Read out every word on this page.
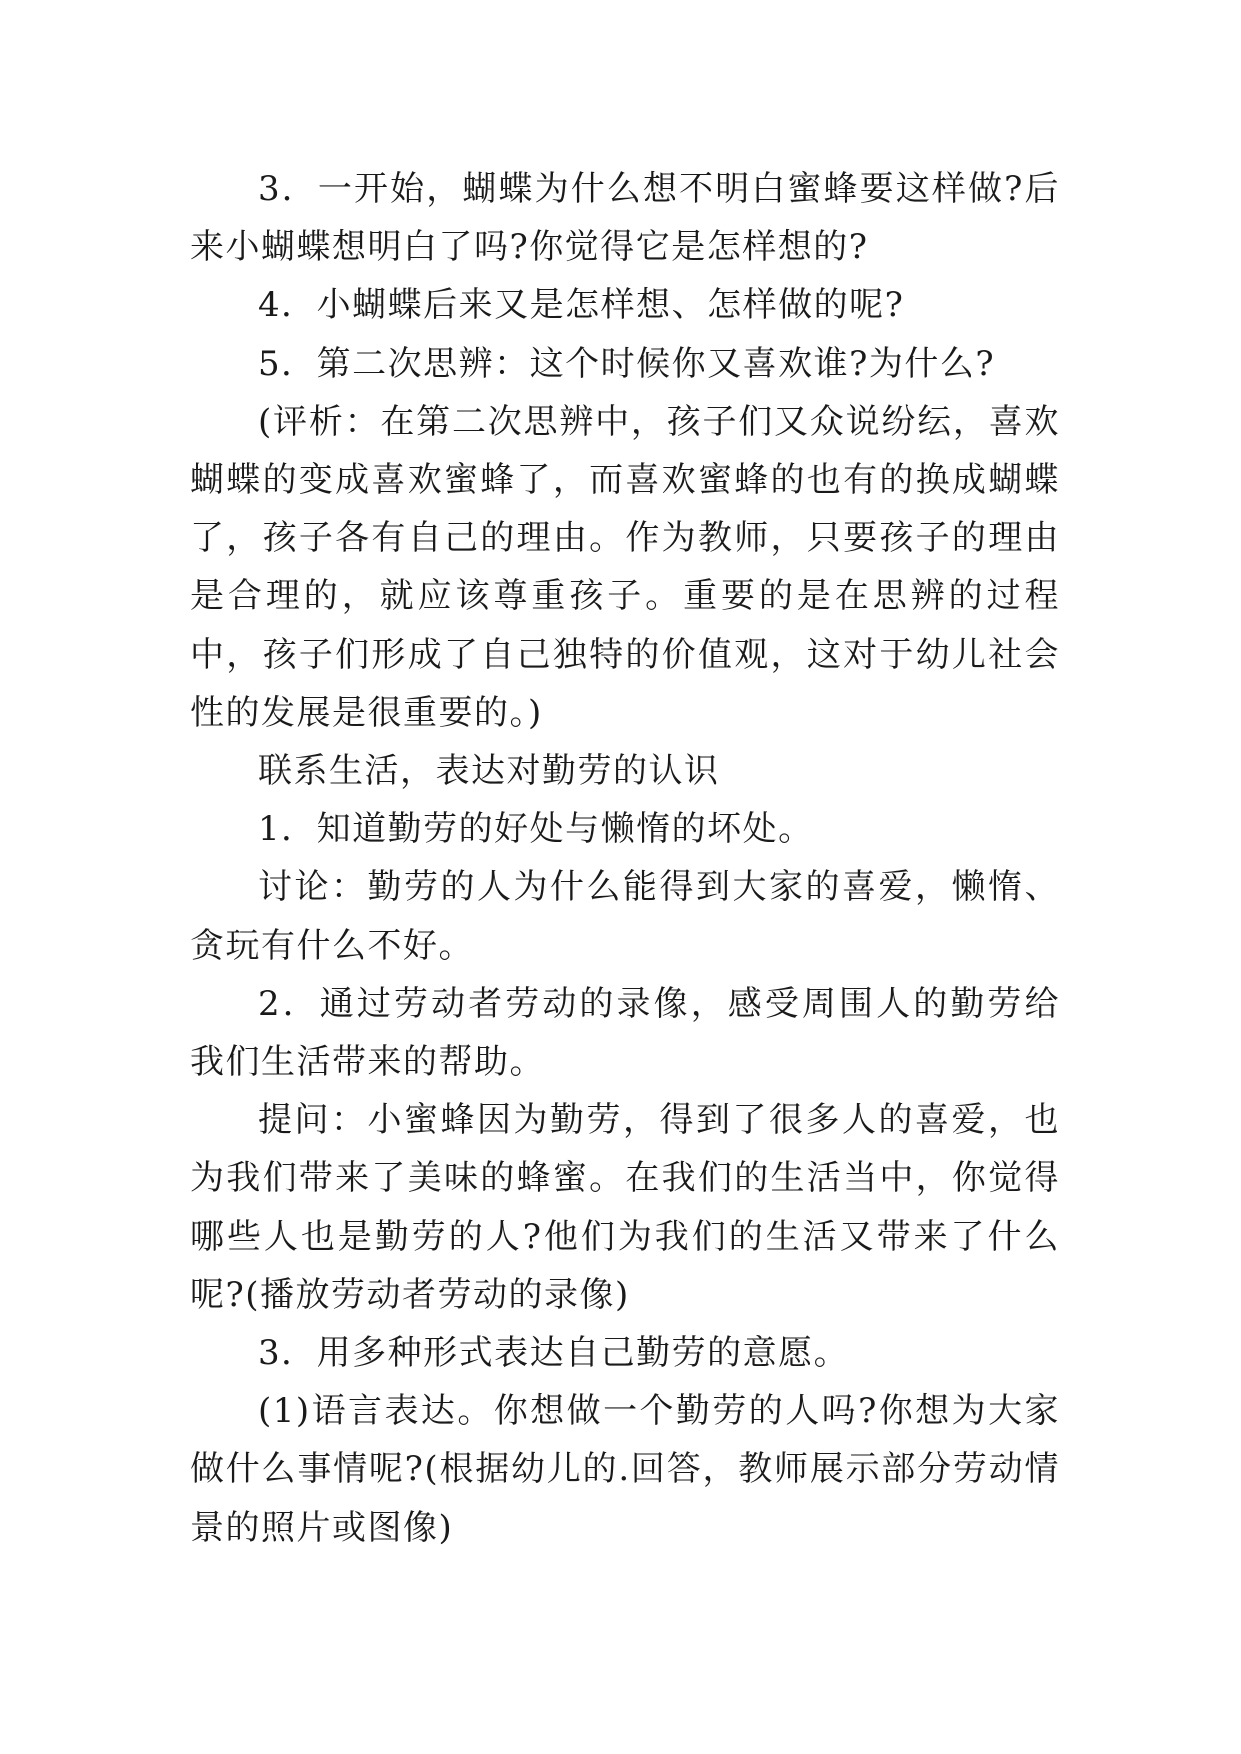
3．一开始，蝴蝶为什么想不明白蜜蜂要这样做?后来小蝴蝶想明白了吗?你觉得它是怎样想的?

4．小蝴蝶后来又是怎样想、怎样做的呢?

5．第二次思辨：这个时候你又喜欢谁?为什么?

(评析：在第二次思辨中，孩子们又众说纷纭，喜欢蝴蝶的变成喜欢蜜蜂了，而喜欢蜜蜂的也有的换成蝴蝶了，孩子各有自己的理由。作为教师，只要孩子的理由是合理的，就应该尊重孩子。重要的是在思辨的过程中，孩子们形成了自己独特的价值观，这对于幼儿社会性的发展是很重要的。)

联系生活，表达对勤劳的认识

1．知道勤劳的好处与懒惰的坏处。

讨论：勤劳的人为什么能得到大家的喜爱，懒惰、贪玩有什么不好。

2．通过劳动者劳动的录像，感受周围人的勤劳给我们生活带来的帮助。

提问：小蜜蜂因为勤劳，得到了很多人的喜爱，也为我们带来了美味的蜂蜜。在我们的生活当中，你觉得哪些人也是勤劳的人?他们为我们的生活又带来了什么呢?(播放劳动者劳动的录像)

3．用多种形式表达自己勤劳的意愿。

(1)语言表达。你想做一个勤劳的人吗?你想为大家做什么事情呢?(根据幼儿的.回答，教师展示部分劳动情景的照片或图像)
